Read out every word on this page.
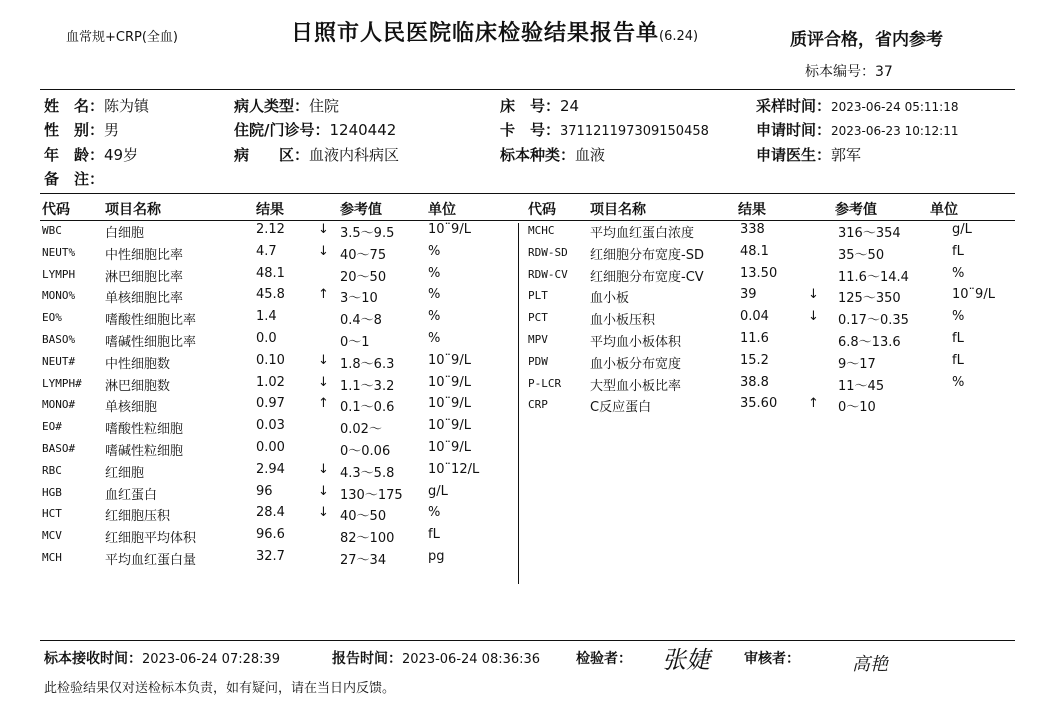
血常规+CRP(全血)	日照市人民医院临床检验结果报告单(6.24)	质评合格，省内参考
标本编号：37
姓　名：陈为镇
性　别：男
年　龄：49岁
备　注：
病人类型：住院
住院/门诊号：1240442
病　　区：血液内科病区
床　号：24
卡　号：371121197309150458
标本种类：血液
采样时间：2023-06-24 05:11:18
申请时间：2023-06-23 10:12:11
申请医生：郭军
代码	项目名称	结果	参考值	单位	代码 项目名称	结果	参考值	单位
WBC	白细胞	2.12	↓ 3.5～9.5	10¨9/L
NEUT% 中性细胞比率	4.7	↓ 40～75	%
LYMPH 淋巴细胞比率	48.1	20～50	%
MONO% 单核细胞比率	45.8	↑ 3～10	%
EO%	嗜酸性细胞比率	1.4	0.4～8	%
BASO% 嗜碱性细胞比率	0.0	0～1	%
NEUT# 中性细胞数	0.10	↓ 1.8～6.3	10¨9/L
LYMPH# 淋巴细胞数	1.02	↓ 1.1～3.2	10¨9/L
MONO# 单核细胞	0.97	↑ 0.1～0.6	10¨9/L
EO#	嗜酸性粒细胞	0.03	0.02～	10¨9/L
BASO# 嗜碱性粒细胞	0.00	0～0.06	10¨9/L
RBC	红细胞	2.94	↓ 4.3～5.8	10¨12/L
HGB	血红蛋白	96	↓ 130～175 g/L
HCT	红细胞压积	28.4	↓ 40～50	%
MCV	红细胞平均体积	96.6	82～100	fL
MCH	平均血红蛋白量	32.7	27～34	pg
MCHC	平均血红蛋白浓度	338	316～354	g/L
RDW-SD 红细胞分布宽度-SD	48.1	35～50	fL
RDW-CV 红细胞分布宽度-CV	13.50	11.6～14.4	%
PLT	血小板	39	↓ 125～350	10¨9/L
PCT	血小板压积	0.04	↓ 0.17～0.35	%
MPV	平均血小板体积	11.6	6.8～13.6	fL
PDW	血小板分布宽度	15.2	9～17	fL
P-LCR 大型血小板比率	38.8	11～45	%
CRP	C反应蛋白	35.60 ↑ 0～10
标本接收时间：2023-06-24 07:28:39	报告时间：2023-06-24 08:36:36	检验者： 张婕 审核者：	高艳
此检验结果仅对送检标本负责，如有疑问，请在当日内反馈。
